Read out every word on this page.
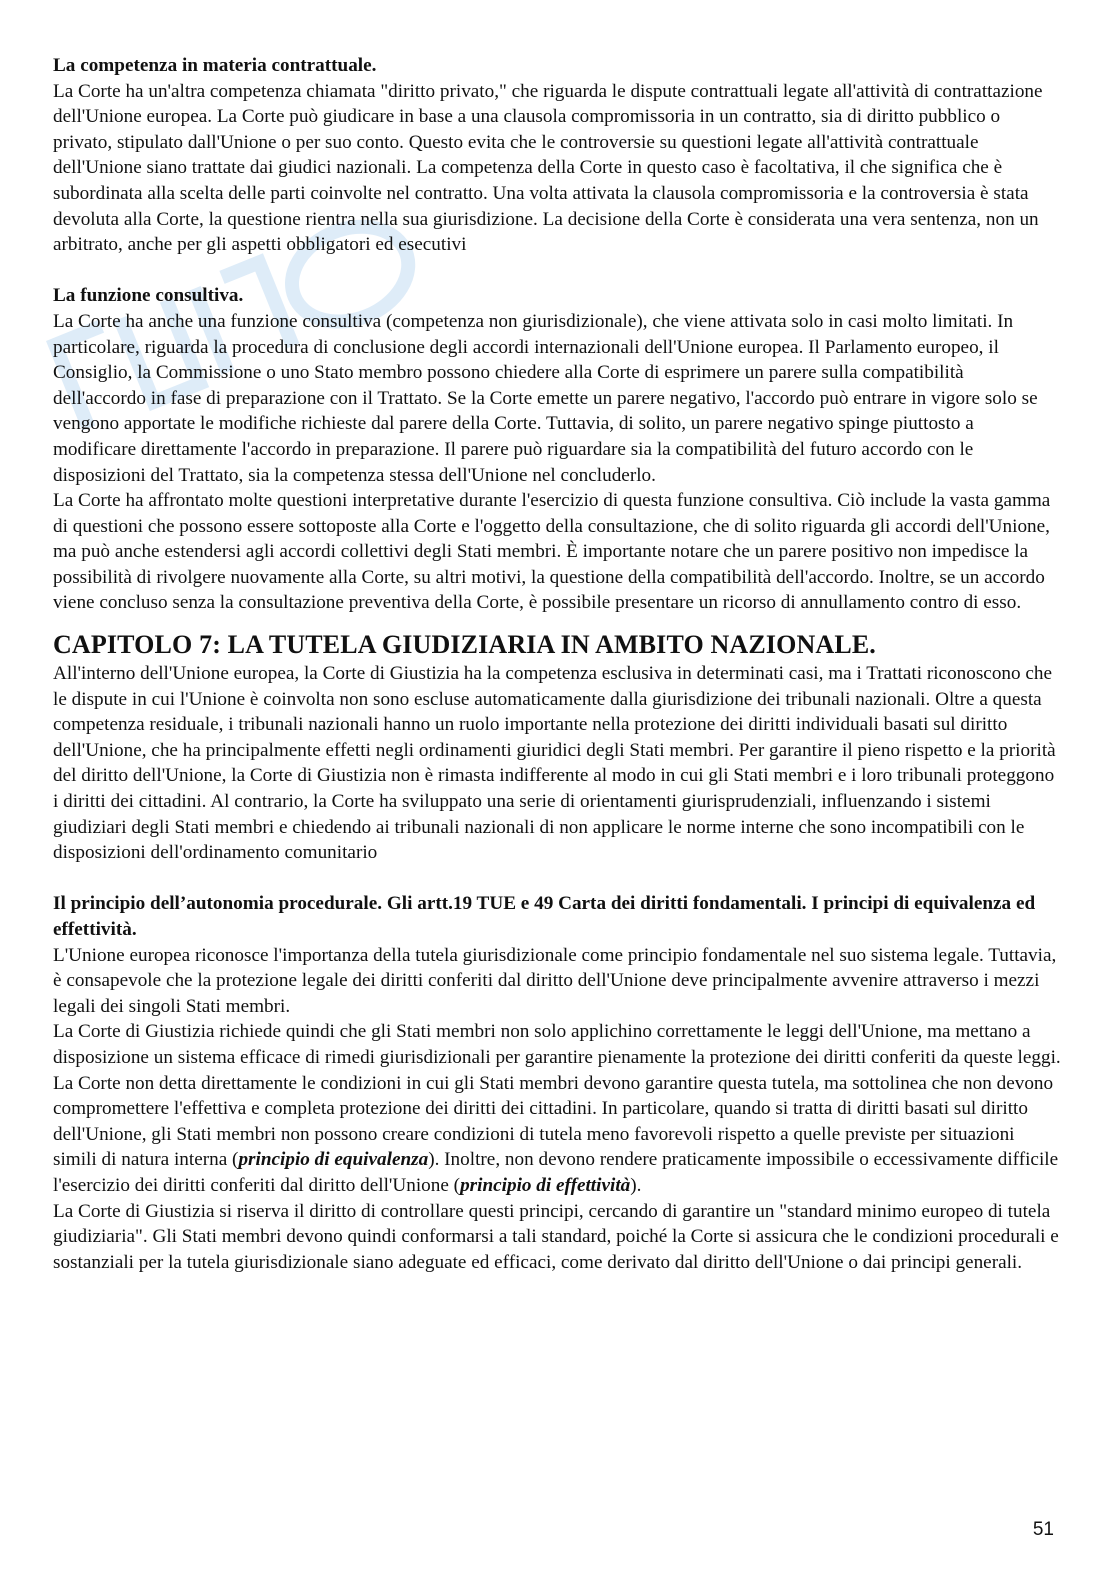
La competenza in materia contrattuale.

La Corte ha un'altra competenza chiamata "diritto privato," che riguarda le dispute contrattuali legate all'attività di contrattazione dell'Unione europea. La Corte può giudicare in base a una clausola compromissoria in un contratto, sia di diritto pubblico o privato, stipulato dall'Unione o per suo conto. Questo evita che le controversie su questioni legate all'attività contrattuale dell'Unione siano trattate dai giudici nazionali. La competenza della Corte in questo caso è facoltativa, il che significa che è subordinata alla scelta delle parti coinvolte nel contratto. Una volta attivata la clausola compromissoria e la controversia è stata devoluta alla Corte, la questione rientra nella sua giurisdizione. La decisione della Corte è considerata una vera sentenza, non un arbitrato, anche per gli aspetti obbligatori ed esecutivi

La funzione consultiva.

La Corte ha anche una funzione consultiva (competenza non giurisdizionale), che viene attivata solo in casi molto limitati. In particolare, riguarda la procedura di conclusione degli accordi internazionali dell'Unione europea. Il Parlamento europeo, il Consiglio, la Commissione o uno Stato membro possono chiedere alla Corte di esprimere un parere sulla compatibilità dell'accordo in fase di preparazione con il Trattato. Se la Corte emette un parere negativo, l'accordo può entrare in vigore solo se vengono apportate le modifiche richieste dal parere della Corte. Tuttavia, di solito, un parere negativo spinge piuttosto a modificare direttamente l'accordo in preparazione. Il parere può riguardare sia la compatibilità del futuro accordo con le disposizioni del Trattato, sia la competenza stessa dell'Unione nel concluderlo.

La Corte ha affrontato molte questioni interpretative durante l'esercizio di questa funzione consultiva. Ciò include la vasta gamma di questioni che possono essere sottoposte alla Corte e l'oggetto della consultazione, che di solito riguarda gli accordi dell'Unione, ma può anche estendersi agli accordi collettivi degli Stati membri. È importante notare che un parere positivo non impedisce la possibilità di rivolgere nuovamente alla Corte, su altri motivi, la questione della compatibilità dell'accordo. Inoltre, se un accordo viene concluso senza la consultazione preventiva della Corte, è possibile presentare un ricorso di annullamento contro di esso.

CAPITOLO 7: LA TUTELA GIUDIZIARIA IN AMBITO NAZIONALE.

All'interno dell'Unione europea, la Corte di Giustizia ha la competenza esclusiva in determinati casi, ma i Trattati riconoscono che le dispute in cui l'Unione è coinvolta non sono escluse automaticamente dalla giurisdizione dei tribunali nazionali. Oltre a questa competenza residuale, i tribunali nazionali hanno un ruolo importante nella protezione dei diritti individuali basati sul diritto dell'Unione, che ha principalmente effetti negli ordinamenti giuridici degli Stati membri. Per garantire il pieno rispetto e la priorità del diritto dell'Unione, la Corte di Giustizia non è rimasta indifferente al modo in cui gli Stati membri e i loro tribunali proteggono i diritti dei cittadini. Al contrario, la Corte ha sviluppato una serie di orientamenti giurisprudenziali, influenzando i sistemi giudiziari degli Stati membri e chiedendo ai tribunali nazionali di non applicare le norme interne che sono incompatibili con le disposizioni dell'ordinamento comunitario

Il principio dell’autonomia procedurale. Gli artt.19 TUE e 49 Carta dei diritti fondamentali. I principi di equivalenza ed effettività.

L'Unione europea riconosce l'importanza della tutela giurisdizionale come principio fondamentale nel suo sistema legale. Tuttavia, è consapevole che la protezione legale dei diritti conferiti dal diritto dell'Unione deve principalmente avvenire attraverso i mezzi legali dei singoli Stati membri.

La Corte di Giustizia richiede quindi che gli Stati membri non solo applichino correttamente le leggi dell'Unione, ma mettano a disposizione un sistema efficace di rimedi giurisdizionali per garantire pienamente la protezione dei diritti conferiti da queste leggi.

La Corte non detta direttamente le condizioni in cui gli Stati membri devono garantire questa tutela, ma sottolinea che non devono compromettere l'effettiva e completa protezione dei diritti dei cittadini. In particolare, quando si tratta di diritti basati sul diritto dell'Unione, gli Stati membri non possono creare condizioni di tutela meno favorevoli rispetto a quelle previste per situazioni simili di natura interna (principio di equivalenza). Inoltre, non devono rendere praticamente impossibile o eccessivamente difficile l'esercizio dei diritti conferiti dal diritto dell'Unione (principio di effettività).

La Corte di Giustizia si riserva il diritto di controllare questi principi, cercando di garantire un "standard minimo europeo di tutela giudiziaria". Gli Stati membri devono quindi conformarsi a tali standard, poiché la Corte si assicura che le condizioni procedurali e sostanziali per la tutela giurisdizionale siano adeguate ed efficaci, come derivato dal diritto dell'Unione o dai principi generali.

51
